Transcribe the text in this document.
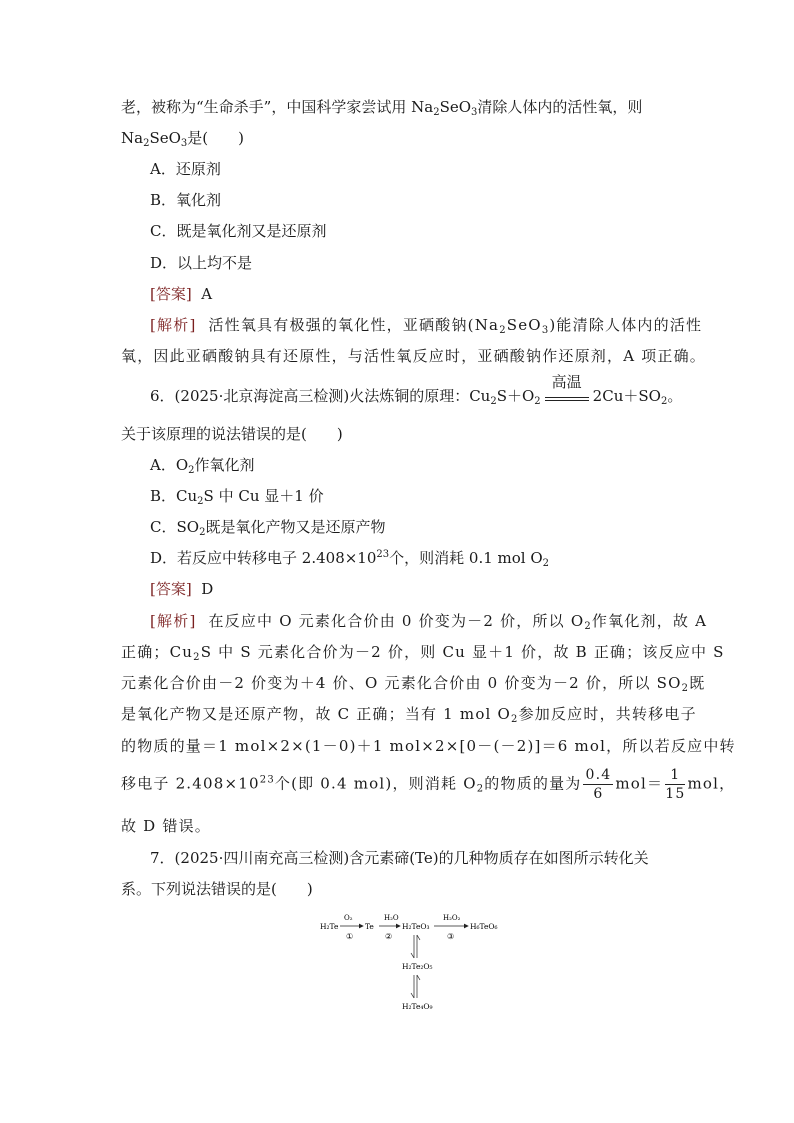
老，被称为“生命杀手”，中国科学家尝试用 $Na_2SeO_3$清除人体内的活性氧，则
$Na_2SeO_3$是(　　)
A．还原剂
B．氧化剂
C．既是氧化剂又是还原剂
D．以上均不是
[答案] A
[解析] 活性氧具有极强的氧化性，亚硒酸钠$(Na_2SeO_3)$能清除人体内的活性
氧，因此亚硒酸钠具有还原性，与活性氧反应时，亚硒酸钠作还原剂，A 项正确。
6．(2025·北京海淀高三检测)火法炼铜的原理：$Cu_2S+O_2$
高温
$2Cu+SO_2$。
关于该原理的说法错误的是(　　)
A．$O_2$作氧化剂
B．$Cu_2S$ 中 Cu 显＋1 价
C．$SO_2$既是氧化产物又是还原产物
D．若反应中转移电子 $2.408\times 10^{23}$个，则消耗 0.1 mol $O_2$
[答案] D
[解析] 在反应中 O 元素化合价由 0 价变为－2 价，所以 $O_2$作氧化剂，故 A
正确；$Cu_2S$ 中 S 元素化合价为－2 价，则 Cu 显＋1 价，故 B 正确；该反应中 S
元素化合价由－2 价变为＋4 价、O 元素化合价由 0 价变为－2 价，所以 $SO_2$既
是氧化产物又是还原产物，故 C 正确；当有 1 mol $O_2$参加反应时，共转移电子
的物质的量＝1 mol×2×(1－0)＋1 mol×2×[0－(－2)]＝6 mol，所以若反应中转
移电子 $2.408\times 10^{23}$个(即 0.4 mol)，则消耗 $O_2$的物质的量为 $\frac{0.4}{6} mol= \frac{1}{15}$ mol，
故 D 错误。
7．(2025·四川南充高三检测)含元素碲(Te)的几种物质存在如图所示转化关
系。下列说法错误的是(　　)
H₂Te
O₂
①
Te
H₂O
②
H₂TeO₃
H₂O₂
③
H₆TeO₆
H₂Te₂O₅
H₂Te₄O₉
